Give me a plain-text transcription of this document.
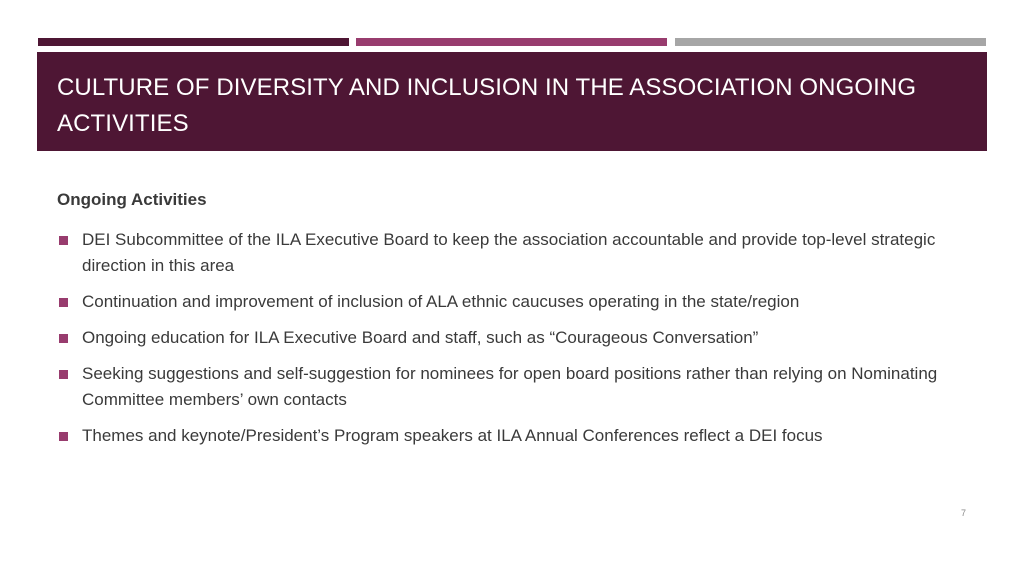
CULTURE OF DIVERSITY AND INCLUSION IN THE ASSOCIATION ONGOING ACTIVITIES
Ongoing Activities
DEI Subcommittee of the ILA Executive Board to keep the association accountable and provide top-level strategic direction in this area
Continuation and improvement of inclusion of ALA ethnic caucuses operating in the state/region
Ongoing education for ILA Executive Board and staff, such as “Courageous Conversation”
Seeking suggestions and self-suggestion for nominees for open board positions rather than relying on Nominating Committee members’ own contacts
Themes and keynote/President’s Program speakers at ILA Annual Conferences reflect a DEI focus
7
